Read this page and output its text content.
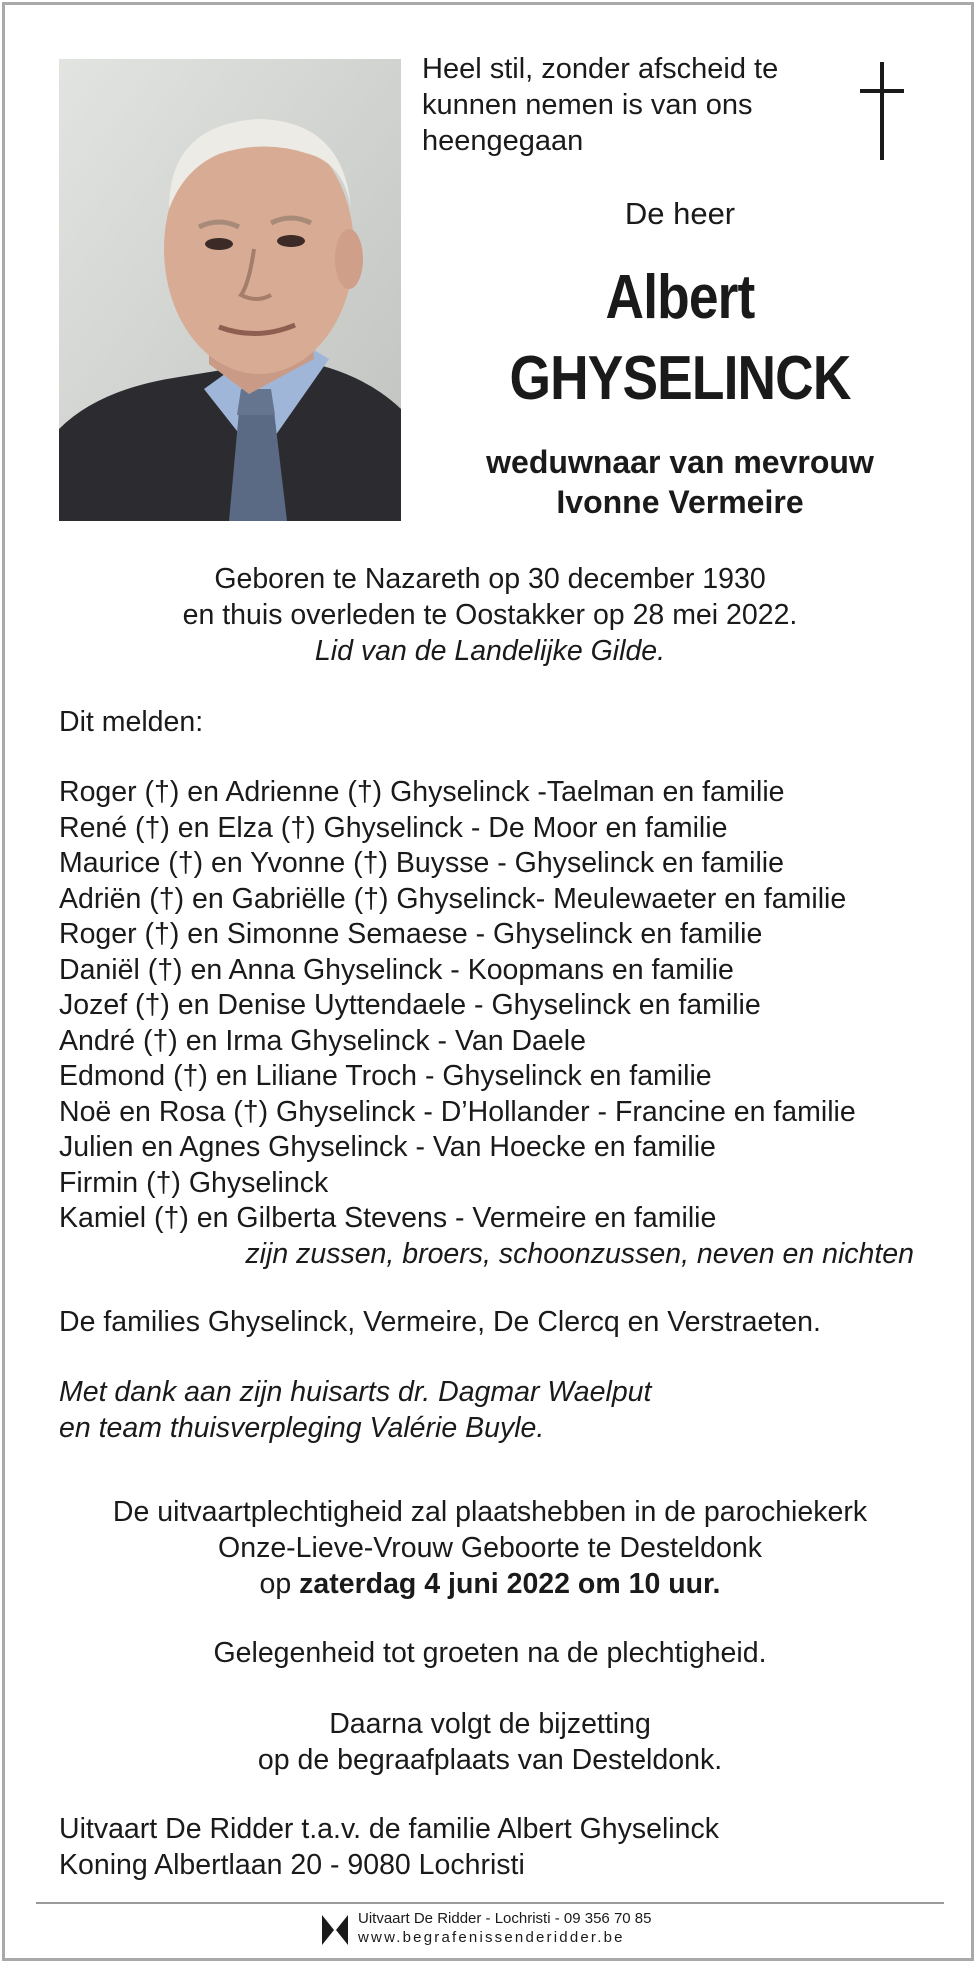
Heel stil, zonder afscheid te

kunnen nemen is van ons

heengegaan

De heer
Albert
GHYSELINCK

weduwnaar van mevrouw

Ivonne Vermeire

Geboren te Nazareth op 30 december 1930

en thuis overleden te Oostakker op 28 mei 2022.

Lid van de Landelijke Gilde.

Dit melden:

Roger (†) en Adrienne (†) Ghyselinck -Taelman en familie

René (†) en Elza (†) Ghyselinck - De Moor en familie

Maurice (†) en Yvonne (†) Buysse - Ghyselinck en familie

Adriën (†) en Gabriëlle (†) Ghyselinck- Meulewaeter en familie

Roger (†) en Simonne Semaese - Ghyselinck en familie

Daniël (†) en Anna Ghyselinck - Koopmans en familie

Jozef (†) en Denise Uyttendaele - Ghyselinck en familie

André (†) en Irma Ghyselinck - Van Daele

Edmond (†) en Liliane Troch - Ghyselinck en familie

Noë en Rosa (†) Ghyselinck - D’Hollander - Francine en familie

Julien en Agnes Ghyselinck - Van Hoecke en familie

Firmin (†) Ghyselinck

Kamiel (†) en Gilberta Stevens - Vermeire en familie

zijn zussen, broers, schoonzussen, neven en nichten

De families Ghyselinck, Vermeire, De Clercq en Verstraeten.

Met dank aan zijn huisarts dr. Dagmar Waelput

en team thuisverpleging Valérie Buyle.

De uitvaartplechtigheid zal plaatshebben in de parochiekerk

Onze-Lieve-Vrouw Geboorte te Desteldonk

op zaterdag 4 juni 2022 om 10 uur.

Gelegenheid tot groeten na de plechtigheid.

Daarna volgt de bijzetting

op de begraafplaats van Desteldonk.

Uitvaart De Ridder t.a.v. de familie Albert Ghyselinck

Koning Albertlaan 20 - 9080 Lochristi

Uitvaart De Ridder - Lochristi - 09 356 70 85
www.begrafenissenderidder.be
